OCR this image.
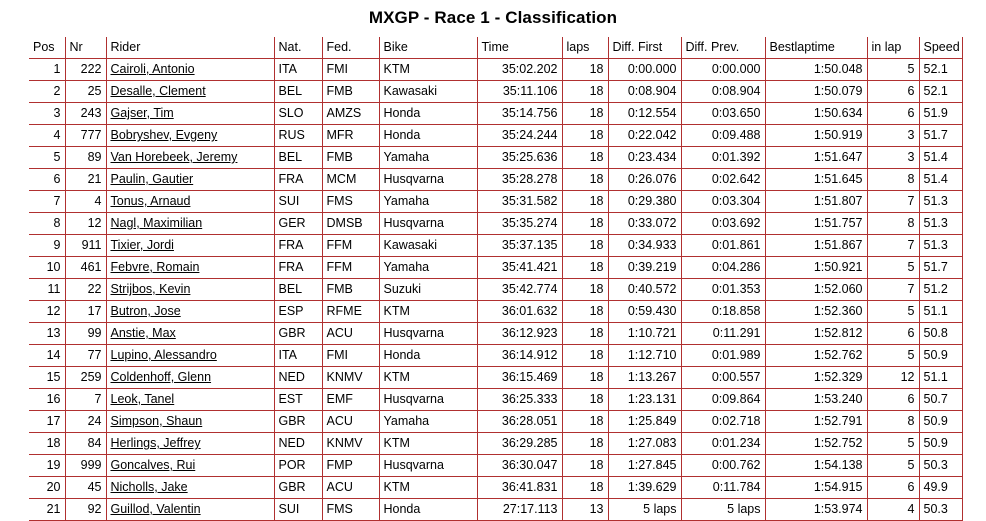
MXGP - Race 1 - Classification
Pos	Nr	Rider	Nat.	Fed.	Bike	Time	laps	Diff. First	Diff. Prev.	Bestlaptime	in lap	Speed
1	222	Cairoli, Antonio	ITA	FMI	KTM	35:02.202	18	0:00.000	0:00.000	1:50.048	5	52.1
2	25	Desalle, Clement	BEL	FMB	Kawasaki	35:11.106	18	0:08.904	0:08.904	1:50.079	6	52.1
3	243	Gajser, Tim	SLO	AMZS	Honda	35:14.756	18	0:12.554	0:03.650	1:50.634	6	51.9
4	777	Bobryshev, Evgeny	RUS	MFR	Honda	35:24.244	18	0:22.042	0:09.488	1:50.919	3	51.7
5	89	Van Horebeek, Jeremy	BEL	FMB	Yamaha	35:25.636	18	0:23.434	0:01.392	1:51.647	3	51.4
6	21	Paulin, Gautier	FRA	MCM	Husqvarna	35:28.278	18	0:26.076	0:02.642	1:51.645	8	51.4
7	4	Tonus, Arnaud	SUI	FMS	Yamaha	35:31.582	18	0:29.380	0:03.304	1:51.807	7	51.3
8	12	Nagl, Maximilian	GER	DMSB	Husqvarna	35:35.274	18	0:33.072	0:03.692	1:51.757	8	51.3
9	911	Tixier, Jordi	FRA	FFM	Kawasaki	35:37.135	18	0:34.933	0:01.861	1:51.867	7	51.3
10	461	Febvre, Romain	FRA	FFM	Yamaha	35:41.421	18	0:39.219	0:04.286	1:50.921	5	51.7
11	22	Strijbos, Kevin	BEL	FMB	Suzuki	35:42.774	18	0:40.572	0:01.353	1:52.060	7	51.2
12	17	Butron, Jose	ESP	RFME	KTM	36:01.632	18	0:59.430	0:18.858	1:52.360	5	51.1
13	99	Anstie, Max	GBR	ACU	Husqvarna	36:12.923	18	1:10.721	0:11.291	1:52.812	6	50.8
14	77	Lupino, Alessandro	ITA	FMI	Honda	36:14.912	18	1:12.710	0:01.989	1:52.762	5	50.9
15	259	Coldenhoff, Glenn	NED	KNMV	KTM	36:15.469	18	1:13.267	0:00.557	1:52.329	12	51.1
16	7	Leok, Tanel	EST	EMF	Husqvarna	36:25.333	18	1:23.131	0:09.864	1:53.240	6	50.7
17	24	Simpson, Shaun	GBR	ACU	Yamaha	36:28.051	18	1:25.849	0:02.718	1:52.791	8	50.9
18	84	Herlings, Jeffrey	NED	KNMV	KTM	36:29.285	18	1:27.083	0:01.234	1:52.752	5	50.9
19	999	Goncalves, Rui	POR	FMP	Husqvarna	36:30.047	18	1:27.845	0:00.762	1:54.138	5	50.3
20	45	Nicholls, Jake	GBR	ACU	KTM	36:41.831	18	1:39.629	0:11.784	1:54.915	6	49.9
21	92	Guillod, Valentin	SUI	FMS	Honda	27:17.113	13	5 laps	5 laps	1:53.974	4	50.3
